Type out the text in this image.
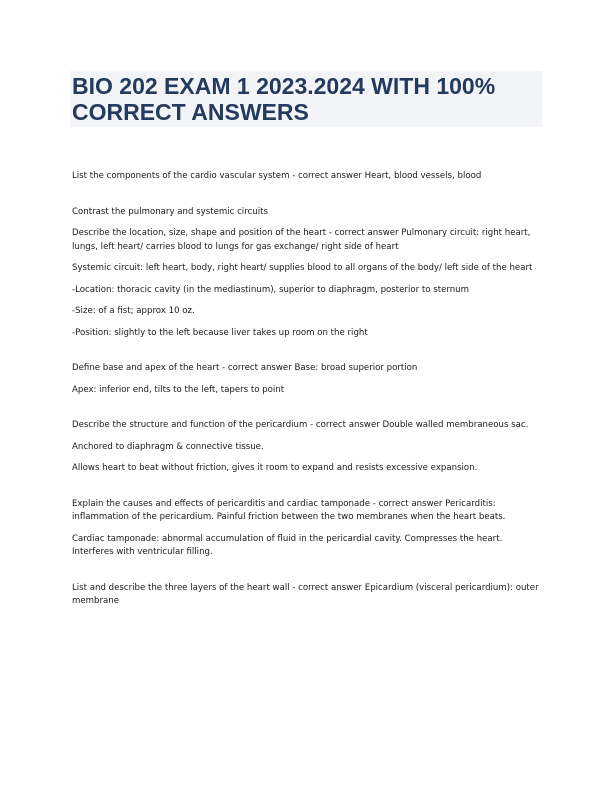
BIO 202 EXAM 1 2023.2024 WITH 100%
CORRECT ANSWERS

List the components of the cardio vascular system - correct answer Heart, blood vessels, blood

Contrast the pulmonary and systemic circuits

Describe the location, size, shape and position of the heart - correct answer Pulmonary circuit: right heart, lungs, left heart/ carries blood to lungs for gas exchange/ right side of heart

Systemic circuit: left heart, body, right heart/ supplies blood to all organs of the body/ left side of the heart

-Location: thoracic cavity (in the mediastinum), superior to diaphragm, posterior to sternum

-Size: of a fist; approx 10 oz.

-Position: slightly to the left because liver takes up room on the right

Define base and apex of the heart - correct answer Base: broad superior portion

Apex: inferior end, tilts to the left, tapers to point

Describe the structure and function of the pericardium - correct answer Double walled membraneous sac.

Anchored to diaphragm & connective tissue.

Allows heart to beat without friction, gives it room to expand and resists excessive expansion.

Explain the causes and effects of pericarditis and cardiac tamponade - correct answer Pericarditis: inflammation of the pericardium. Painful friction between the two membranes when the heart beats.

Cardiac tamponade: abnormal accumulation of fluid in the pericardial cavity. Compresses the heart. Interferes with ventricular filling.

List and describe the three layers of the heart wall - correct answer Epicardium (visceral pericardium): outer membrane
